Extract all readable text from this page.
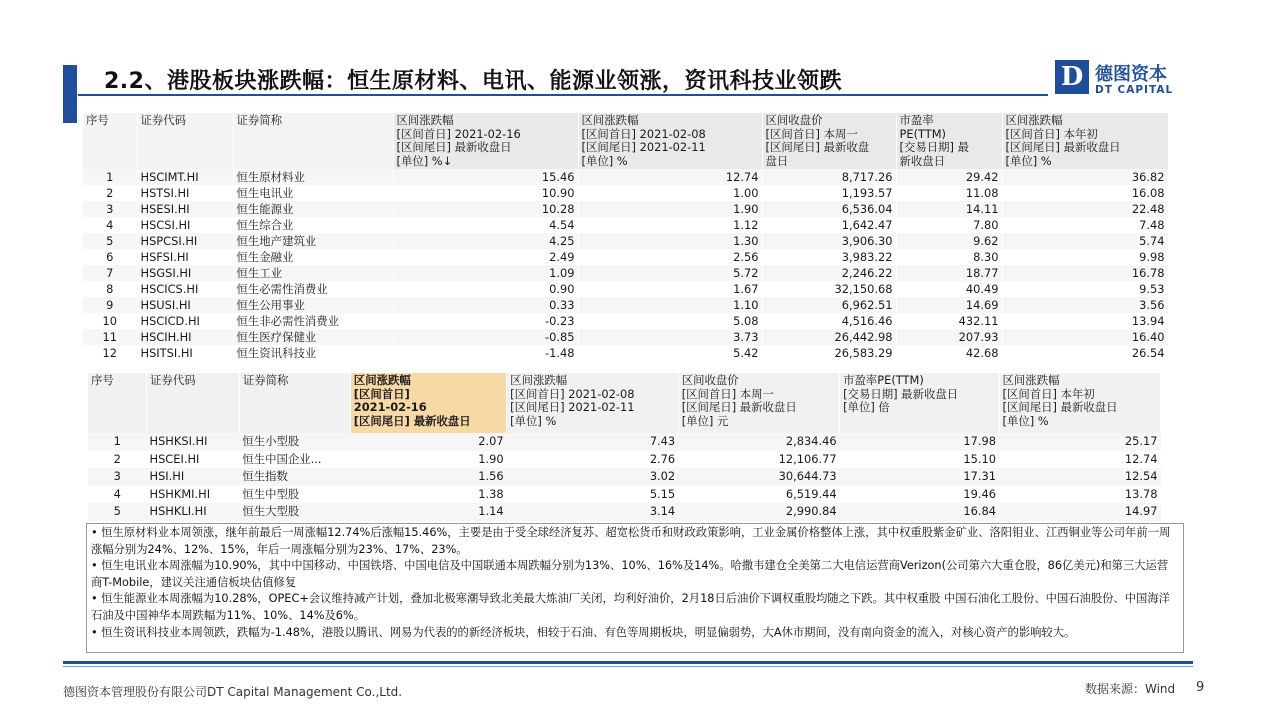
2.2、港股板块涨跌幅：恒生原材料、电讯、能源业领涨，资讯科技业领跌	D 德图资本
DT CAPITAL
序号	证券代码	证券简称	区间涨跌幅
[区间首日] 2021-02-16
[区间尾日] 最新收盘日
[单位] %↓	区间涨跌幅
[区间首日] 2021-02-08
[区间尾日] 2021-02-11
[单位] %	区间收盘价
[区间首日] 本周一
[区间尾日] 最新收盘
盘日	市盈率
PE(TTM)
[交易日期] 最
新收盘日	区间涨跌幅
[区间首日] 本年初
[区间尾日] 最新收盘日
[单位] %
1	HSCIMT.HI	恒生原材料业	15.46	12.74	8,717.26	29.42	36.82
2	HSTSI.HI	恒生电讯业	10.90	1.00	1,193.57	11.08	16.08
3	HSESI.HI	恒生能源业	10.28	1.90	6,536.04	14.11	22.48
4	HSCSI.HI	恒生综合业	4.54	1.12	1,642.47	7.80	7.48
5	HSPCSI.HI	恒生地产建筑业	4.25	1.30	3,906.30	9.62	5.74
6	HSFSI.HI	恒生金融业	2.49	2.56	3,983.22	8.30	9.98
7	HSGSI.HI	恒生工业	1.09	5.72	2,246.22	18.77	16.78
8	HSCICS.HI	恒生必需性消费业	0.90	1.67	32,150.68	40.49	9.53
9	HSUSI.HI	恒生公用事业	0.33	1.10	6,962.51	14.69	3.56
10	HSCICD.HI	恒生非必需性消费业	-0.23	5.08	4,516.46	432.11	13.94
11	HSCIH.HI	恒生医疗保健业	-0.85	3.73	26,442.98	207.93	16.40
12	HSITSI.HI	恒生资讯科技业	-1.48	5.42	26,583.29	42.68	26.54
序号	证券代码	证券简称	区间涨跌幅
[区间首日]
2021-02-16
[区间尾日] 最新收盘日	区间涨跌幅
[区间首日] 2021-02-08
[区间尾日] 2021-02-11
[单位] %	区间收盘价
[区间首日] 本周一
[区间尾日] 最新收盘日
[单位] 元	市盈率PE(TTM)
[交易日期] 最新收盘日
[单位] 倍	区间涨跌幅
[区间首日] 本年初
[区间尾日] 最新收盘日
[单位] %
1	HSHKSI.HI	恒生小型股	2.07	7.43	2,834.46	17.98	25.17
2	HSCEI.HI	恒生中国企业...	1.90	2.76	12,106.77	15.10	12.74
3	HSI.HI	恒生指数	1.56	3.02	30,644.73	17.31	12.54
4	HSHKMI.HI	恒生中型股	1.38	5.15	6,519.44	19.46	13.78
5	HSHKLI.HI	恒生大型股	1.14	3.14	2,990.84	16.84	14.97

• 恒生原材料业本周领涨，继年前最后一周涨幅12.74%后涨幅15.46%，主要是由于受全球经济复苏、超宽松货币和财政政策影响，工业金属价格整体上涨，其中权重股紫金矿业、洛阳钼业、江西铜业等公司年前一周涨幅分别为24%、12%、15%，年后一周涨幅分别为23%、17%、23%。

• 恒生电讯业本周涨幅为10.90%，其中中国移动、中国铁塔、中国电信及中国联通本周跌幅分别为13%、10%、16%及14%。哈撒韦建仓全美第二大电信运营商Verizon(公司第六大重仓股，86亿美元)和第三大运营商T-Mobile，建议关注通信板块估值修复

• 恒生能源业本周涨幅为10.28%，OPEC+会议维持减产计划，叠加北极寒潮导致北美最大炼油厂关闭，均利好油价，2月18日后油价下调权重股均随之下跌。其中权重股 中国石油化工股份、中国石油股份、中国海洋石油及中国神华本周跌幅为11%、10%、14%及6%。

• 恒生资讯科技业本周领跌，跌幅为-1.48%，港股以腾讯、网易为代表的的新经济板块，相较于石油、有色等周期板块，明显偏弱势，大A休市期间，没有南向资金的流入，对核心资产的影响较大。

德图资本管理股份有限公司DT Capital Management Co.,Ltd.	数据来源：Wind 9
